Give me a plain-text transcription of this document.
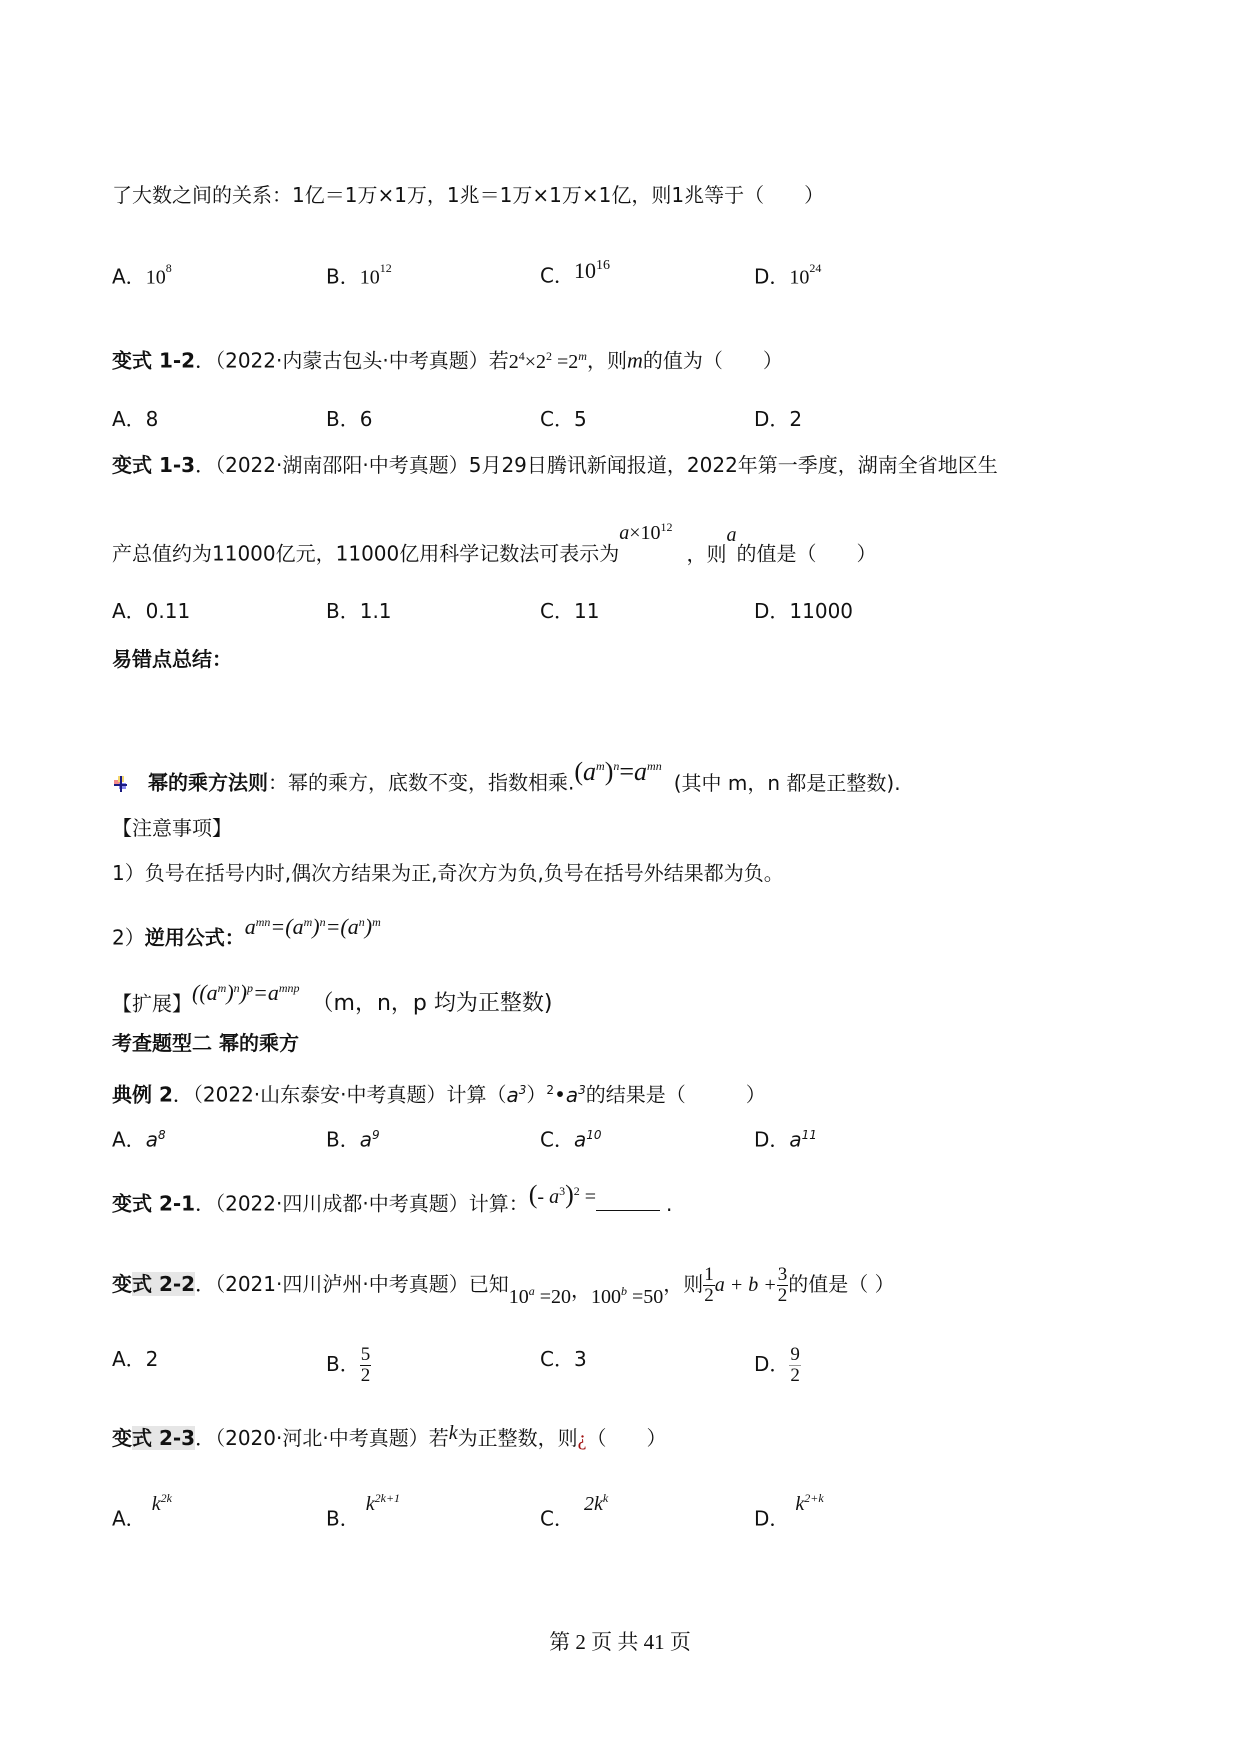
了大数之间的关系：1亿＝1万×1万，1兆＝1万×1万×1亿，则1兆等于（　　）
A．$10^8$	B．$10^{12}$	C．$10^{16}$	D．$10^{24}$
变式 1-2．（2022·内蒙古包头·中考真题）若$2^4\times 2^2 =2^m$，则m的值为（　　）
A．8	B．6	C．5	D．2
变式 1-3．（2022·湖南邵阳·中考真题）5月29日腾讯新闻报道，2022年第一季度，湖南全省地区生
产总值约为11000亿元，11000亿用科学记数法可表示为$a\times 10^{12}$，则a的值是（　　）
A．0.11	B．1.1	C．11	D．11000
易错点总结：
幂的乘方法则：幂的乘方，底数不变，指数相乘$.(a^m)^n=a^{mn}$(其中 m，n 都是正整数).
【注意事项】
1）负号在括号内时,偶次方结果为正,奇次方为负,负号在括号外结果都为负。
2）逆用公式：$a^{mn}=(a^m)^n=(a^n)^m$
【扩展】$((a^m)^n)^p=a^{mnp}(m$，n，p 均为正整数)
考查题型二 幂的乘方
典例 2．（2022·山东泰安·中考真题）计算$(a^3)^2•a^3$的结果是（　　　）
A．$a^8$	B．$a^9$	C．$a^{10}$	D．$a^{11}$
变式 2-1．（2022·四川成都·中考真题）计算：(- $a^3)^2$ =	.
变式 2-2．（2021·四川泸州·中考真题）已知$10^a =20$，$100^b =50$，则 $\frac{1}{2}$ $a + b + \frac{3}{2}$ 的值是（ ）
A．2	B． $\frac{5}{2}$	C．3	D． $\frac{9}{2}$
变式 2-3．（2020·河北·中考真题）若k为正整数，则¿（　　）
A．$k^{2k}$
B．$k^{2k+1}$
C．$2k^k$
D．$k^{2+k}$
第 2 页 共 41 页
